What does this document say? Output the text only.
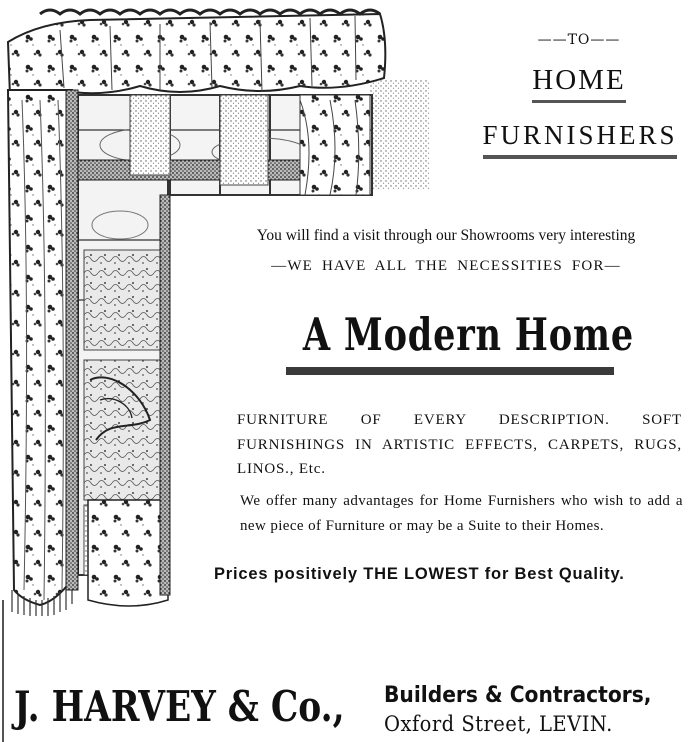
——TO——
HOME
FURNISHERS
You will find a visit through our Showrooms very interesting
—WE HAVE ALL THE NECESSITIES FOR—
A Modern Home
FURNITURE OF EVERY DESCRIPTION. SOFT FURNISHINGS IN ARTISTIC EFFECTS, CARPETS, RUGS, LINOS., Etc.
We offer many advantages for Home Furnishers who wish to add a new piece of Furniture or may be a Suite to their Homes.
Prices positively THE LOWEST for Best Quality.
J. HARVEY & Co., Builders & Contractors,
Oxford Street, LEVIN.
